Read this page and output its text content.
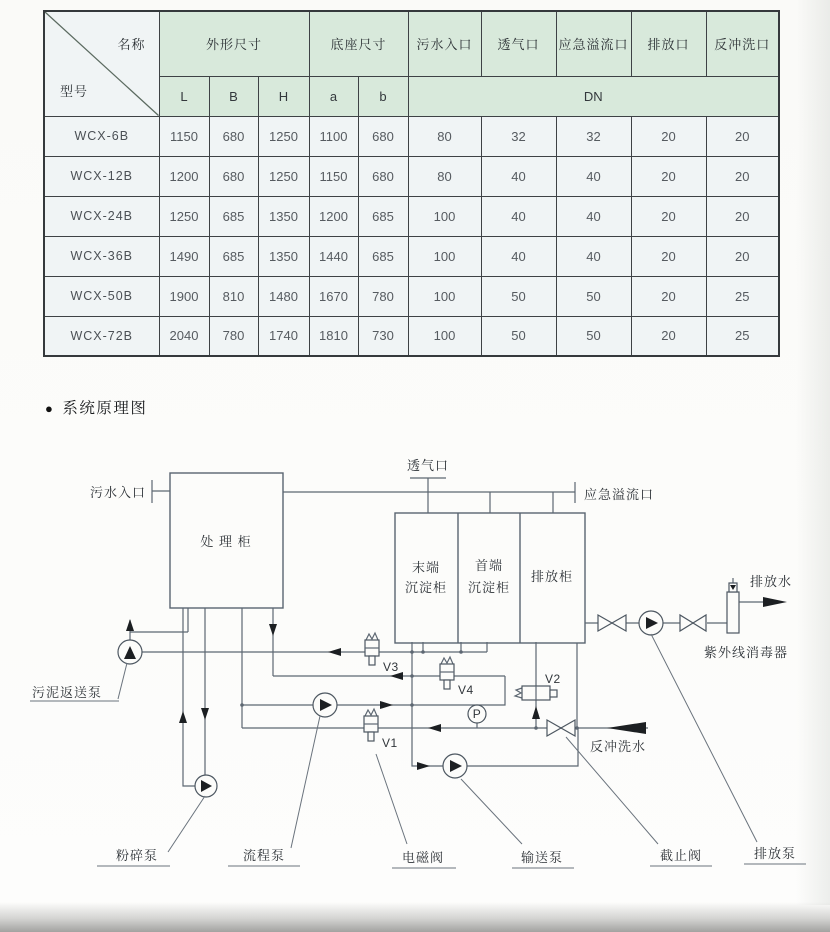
名称
型号	外形尺寸			底座尺寸		污水入口	透气口	应急溢流口	排放口	反冲洗口
	L	B	H	a	b	DN				
WCX-6B	1150	680	1250	1100	680	80	32	32	20	20
WCX-12B	1200	680	1250	1150	680	80	40	40	20	20
WCX-24B	1250	685	1350	1200	685	100	40	40	20	20
WCX-36B	1490	685	1350	1440	685	100	40	40	20	20
WCX-50B	1900	810	1480	1670	780	100	50	50	20	25
WCX-72B	2040	780	1740	1810	730	100	50	50	20	25
● 系统原理图
处 理 柜
末端
沉淀柜
首端
沉淀柜
排放柜
V3
V4
V1
V2
P
污水入口
透气口
应急溢流口
排放水
反冲洗水
污泥返送泵
紫外线消毒器
粉碎泵	流程泵	电磁阀	输送泵	截止阀	排放泵
